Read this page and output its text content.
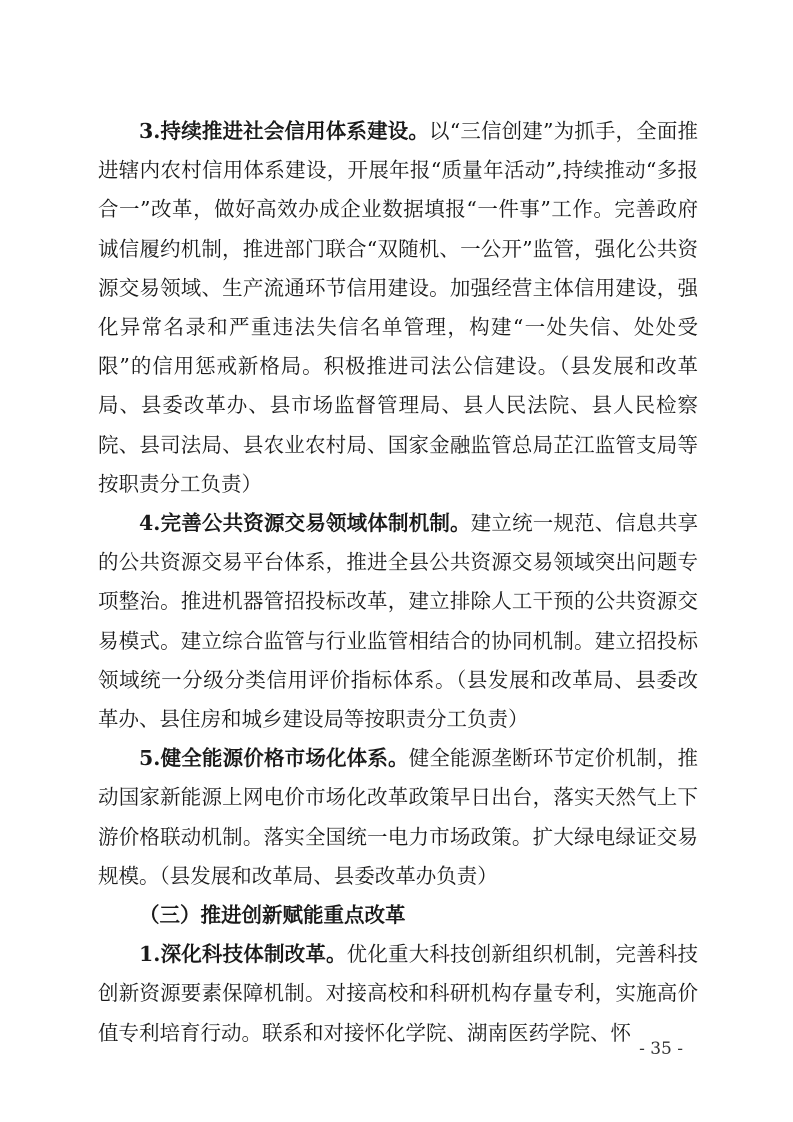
3.持续推进社会信用体系建设。以“三信创建”为抓手，全面推进辖内农村信用体系建设，开展年报“质量年活动”,持续推动“多报合一”改革，做好高效办成企业数据填报“一件事”工作。完善政府诚信履约机制，推进部门联合“双随机、一公开”监管，强化公共资源交易领域、生产流通环节信用建设。加强经营主体信用建设，强化异常名录和严重违法失信名单管理，构建“一处失信、处处受限”的信用惩戒新格局。积极推进司法公信建设。（县发展和改革局、县委改革办、县市场监督管理局、县人民法院、县人民检察院、县司法局、县农业农村局、国家金融监管总局芷江监管支局等按职责分工负责）

4.完善公共资源交易领域体制机制。建立统一规范、信息共享的公共资源交易平台体系，推进全县公共资源交易领域突出问题专项整治。推进机器管招投标改革，建立排除人工干预的公共资源交易模式。建立综合监管与行业监管相结合的协同机制。建立招投标领域统一分级分类信用评价指标体系。（县发展和改革局、县委改革办、县住房和城乡建设局等按职责分工负责）

5.健全能源价格市场化体系。健全能源垄断环节定价机制，推动国家新能源上网电价市场化改革政策早日出台，落实天然气上下游价格联动机制。落实全国统一电力市场政策。扩大绿电绿证交易规模。（县发展和改革局、县委改革办负责）

（三）推进创新赋能重点改革

1.深化科技体制改革。优化重大科技创新组织机制，完善科技创新资源要素保障机制。对接高校和科研机构存量专利，实施高价值专利培育行动。联系和对接怀化学院、湖南医药学院、怀

- 35 -
